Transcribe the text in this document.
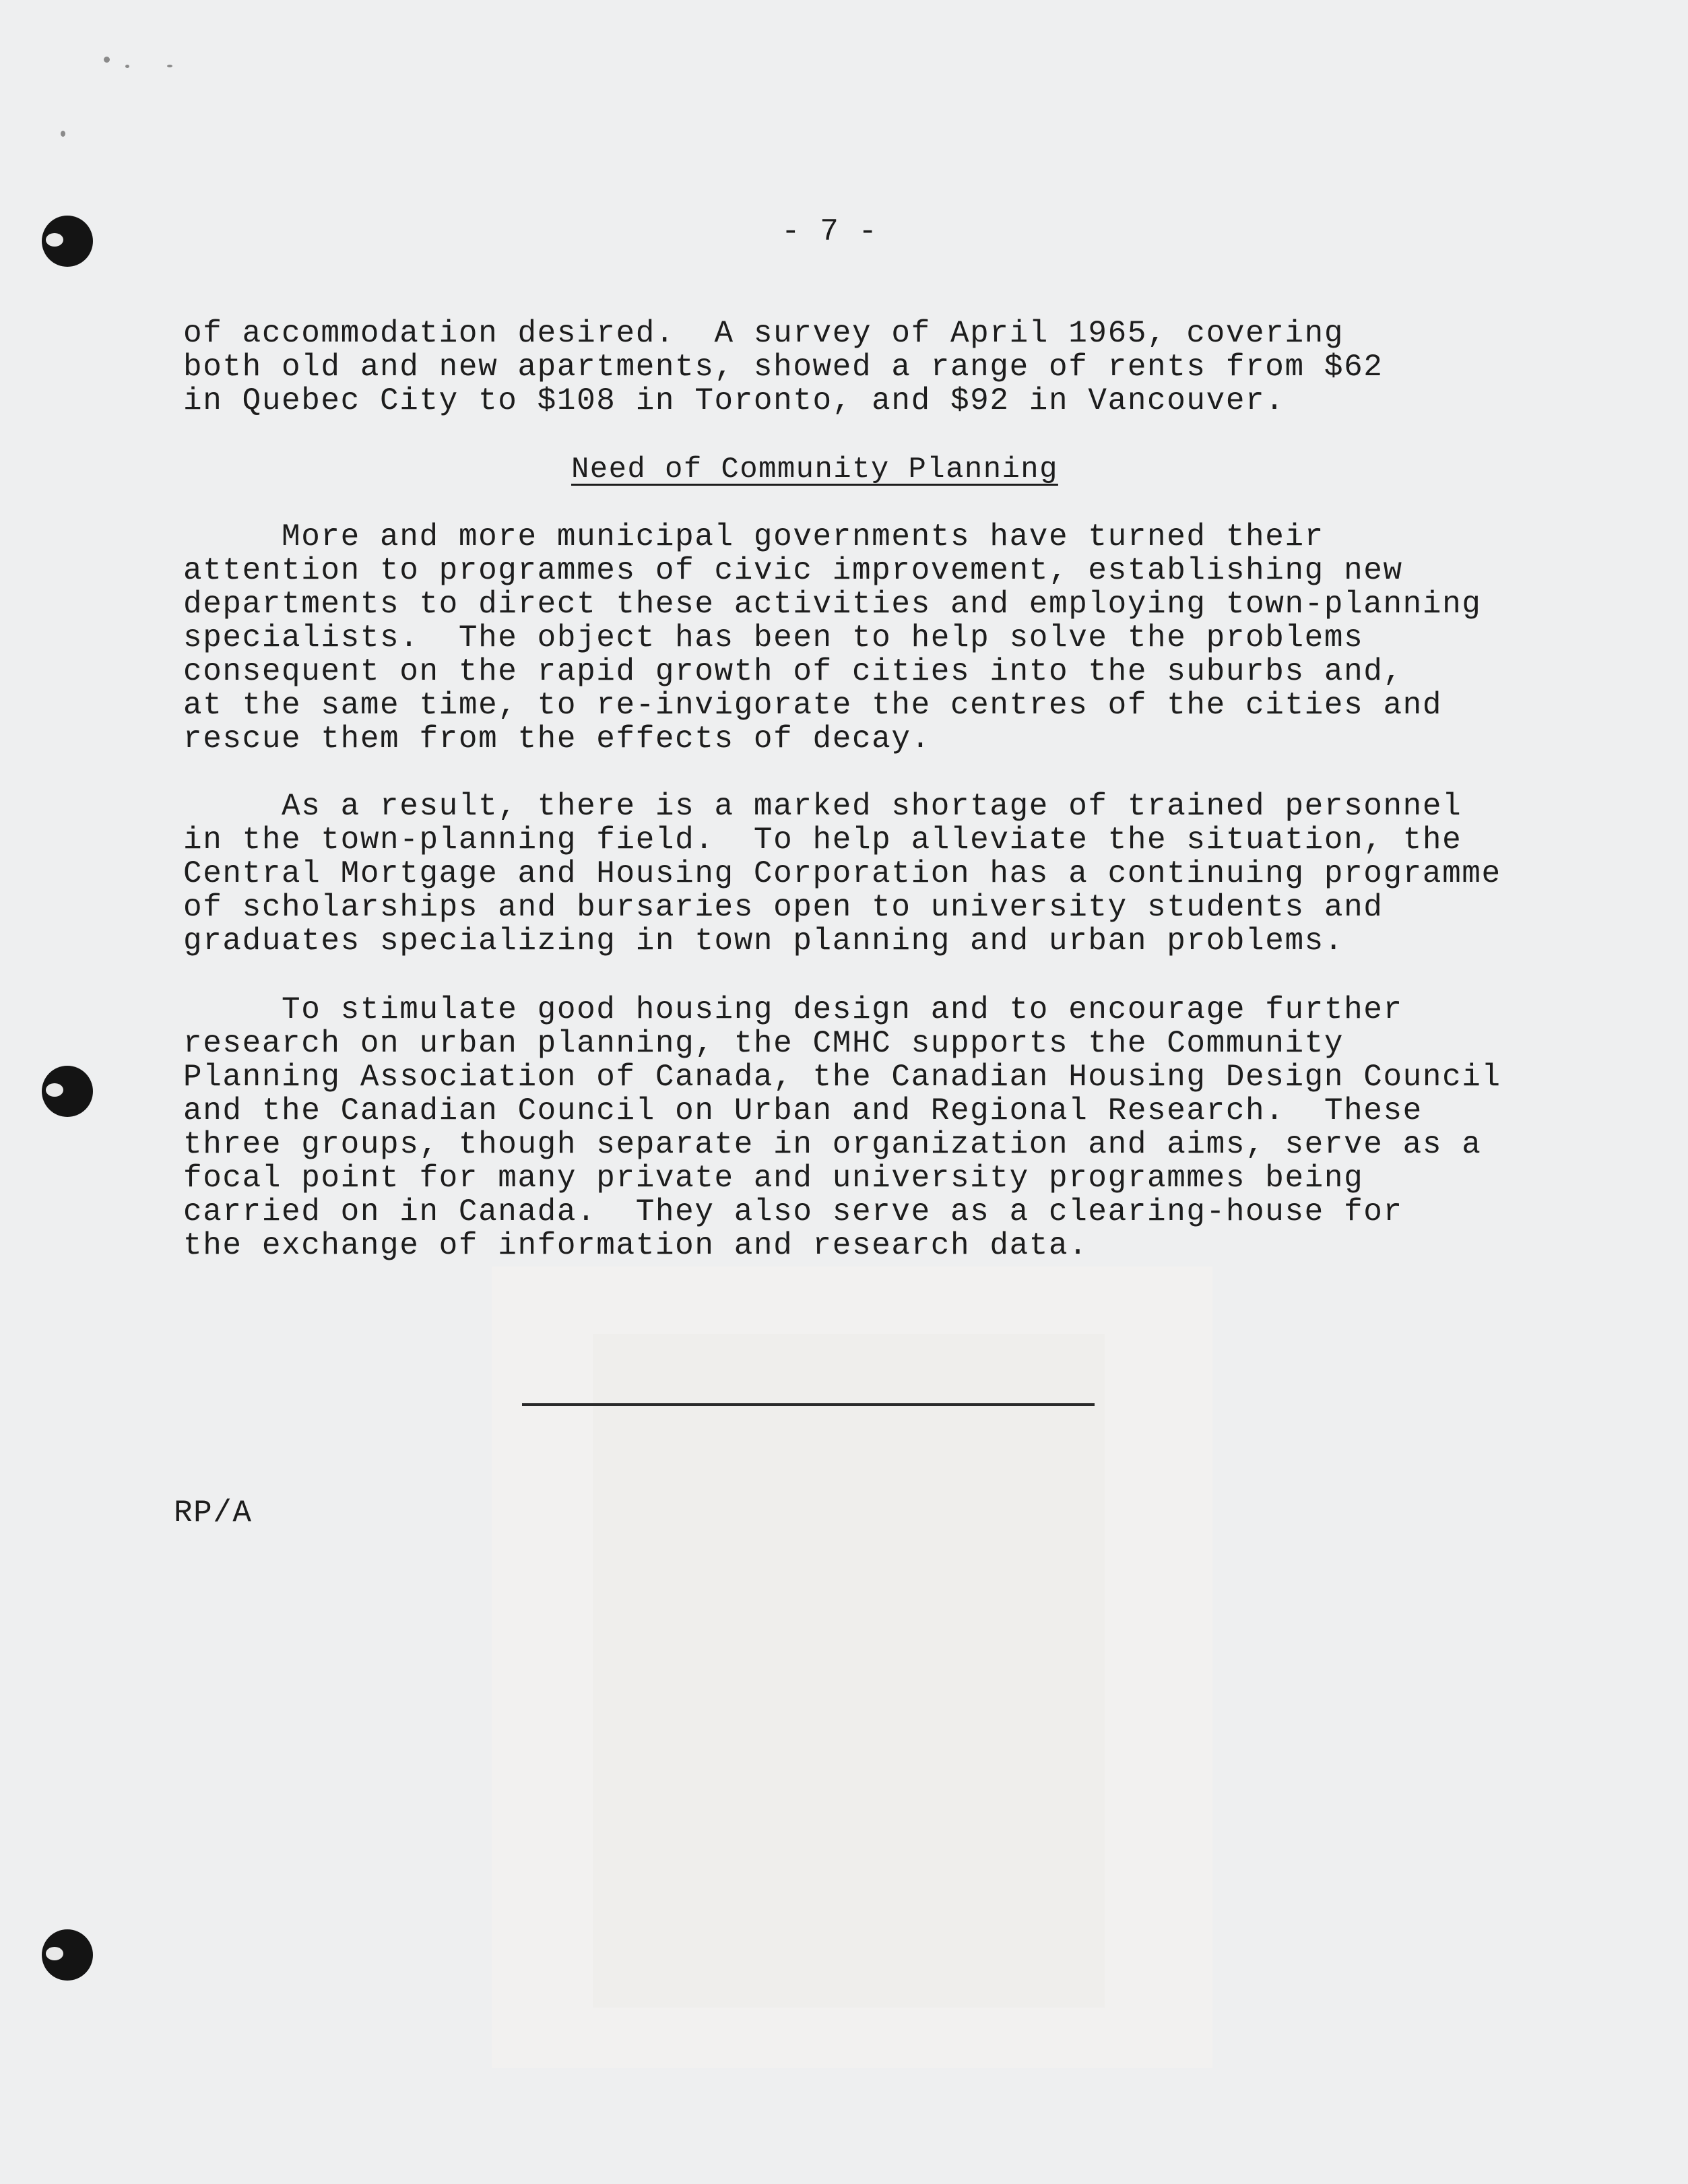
- 7 -
of accommodation desired.  A survey of April 1965, covering
both old and new apartments, showed a range of rents from $62
in Quebec City to $108 in Toronto, and $92 in Vancouver.
Need of Community Planning
More and more municipal governments have turned their
attention to programmes of civic improvement, establishing new
departments to direct these activities and employing town-planning
specialists.  The object has been to help solve the problems
consequent on the rapid growth of cities into the suburbs and,
at the same time, to re-invigorate the centres of the cities and
rescue them from the effects of decay.
As a result, there is a marked shortage of trained personnel
in the town-planning field.  To help alleviate the situation, the
Central Mortgage and Housing Corporation has a continuing programme
of scholarships and bursaries open to university students and
graduates specializing in town planning and urban problems.
To stimulate good housing design and to encourage further
research on urban planning, the CMHC supports the Community
Planning Association of Canada, the Canadian Housing Design Council
and the Canadian Council on Urban and Regional Research.  These
three groups, though separate in organization and aims, serve as a
focal point for many private and university programmes being
carried on in Canada.  They also serve as a clearing-house for
the exchange of information and research data.
RP/A
